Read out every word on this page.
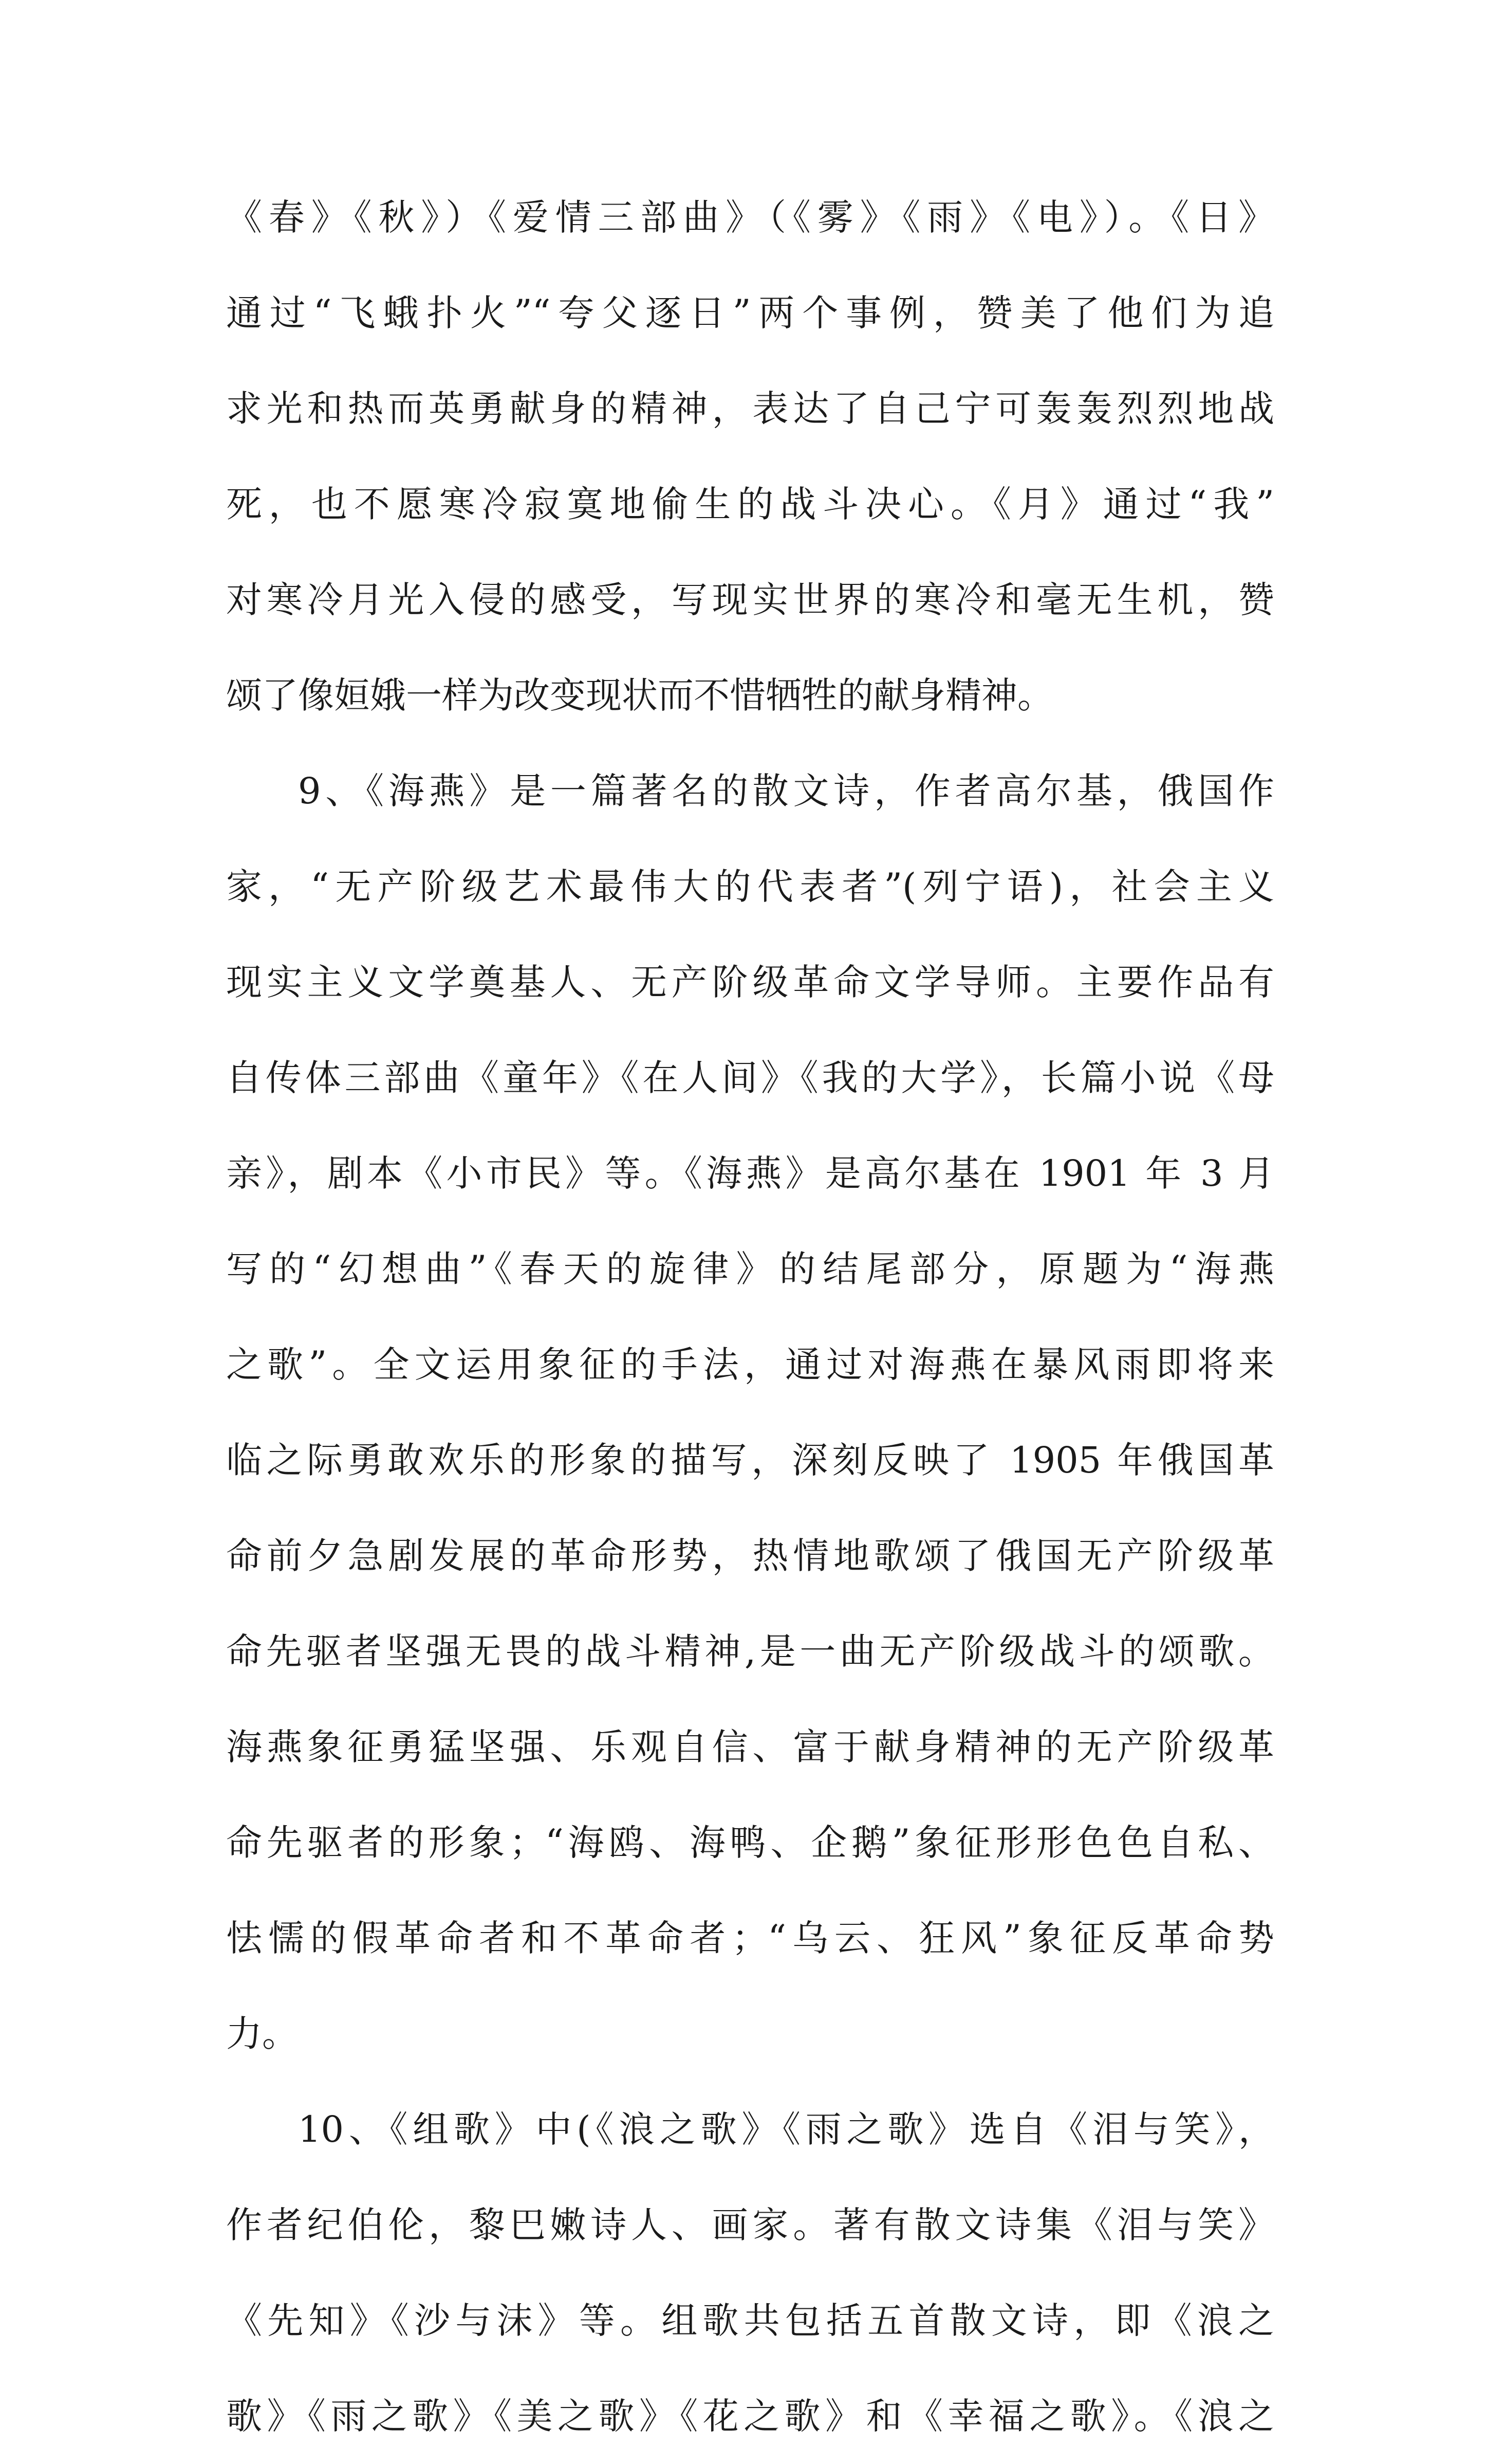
《春》《秋》）《爱情三部曲》（《雾》《雨》《电》）。《日》
通过“飞蛾扑火”“夸父逐日”两个事例，赞美了他们为追
求光和热而英勇献身的精神，表达了自己宁可轰轰烈烈地战
死，也不愿寒冷寂寞地偷生的战斗决心。《月》通过“我”
对寒冷月光入侵的感受，写现实世界的寒冷和毫无生机，赞
颂了像姮娥一样为改变现状而不惜牺牲的献身精神。
9、《海燕》是一篇著名的散文诗，作者高尔基，俄国作
家，“无产阶级艺术最伟大的代表者”(列宁语)，社会主义
现实主义文学奠基人、无产阶级革命文学导师。主要作品有
自传体三部曲《童年》《在人间》《我的大学》，长篇小说《母
亲》，剧本《小市民》等。《海燕》是高尔基在 1901 年 3 月
写的“幻想曲”《春天的旋律》的结尾部分，原题为“海燕
之歌”。全文运用象征的手法，通过对海燕在暴风雨即将来
临之际勇敢欢乐的形象的描写，深刻反映了 1905 年俄国革
命前夕急剧发展的革命形势，热情地歌颂了俄国无产阶级革
命先驱者坚强无畏的战斗精神,是一曲无产阶级战斗的颂歌。
海燕象征勇猛坚强、乐观自信、富于献身精神的无产阶级革
命先驱者的形象；“海鸥、海鸭、企鹅”象征形形色色自私、
怯懦的假革命者和不革命者；“乌云、狂风”象征反革命势
力。
10、《组歌》中(《浪之歌》《雨之歌》选自《泪与笑》，
作者纪伯伦，黎巴嫩诗人、画家。著有散文诗集《泪与笑》
《先知》《沙与沫》等。组歌共包括五首散文诗，即《浪之
歌》《雨之歌》《美之歌》《花之歌》和《幸福之歌》。《浪之
